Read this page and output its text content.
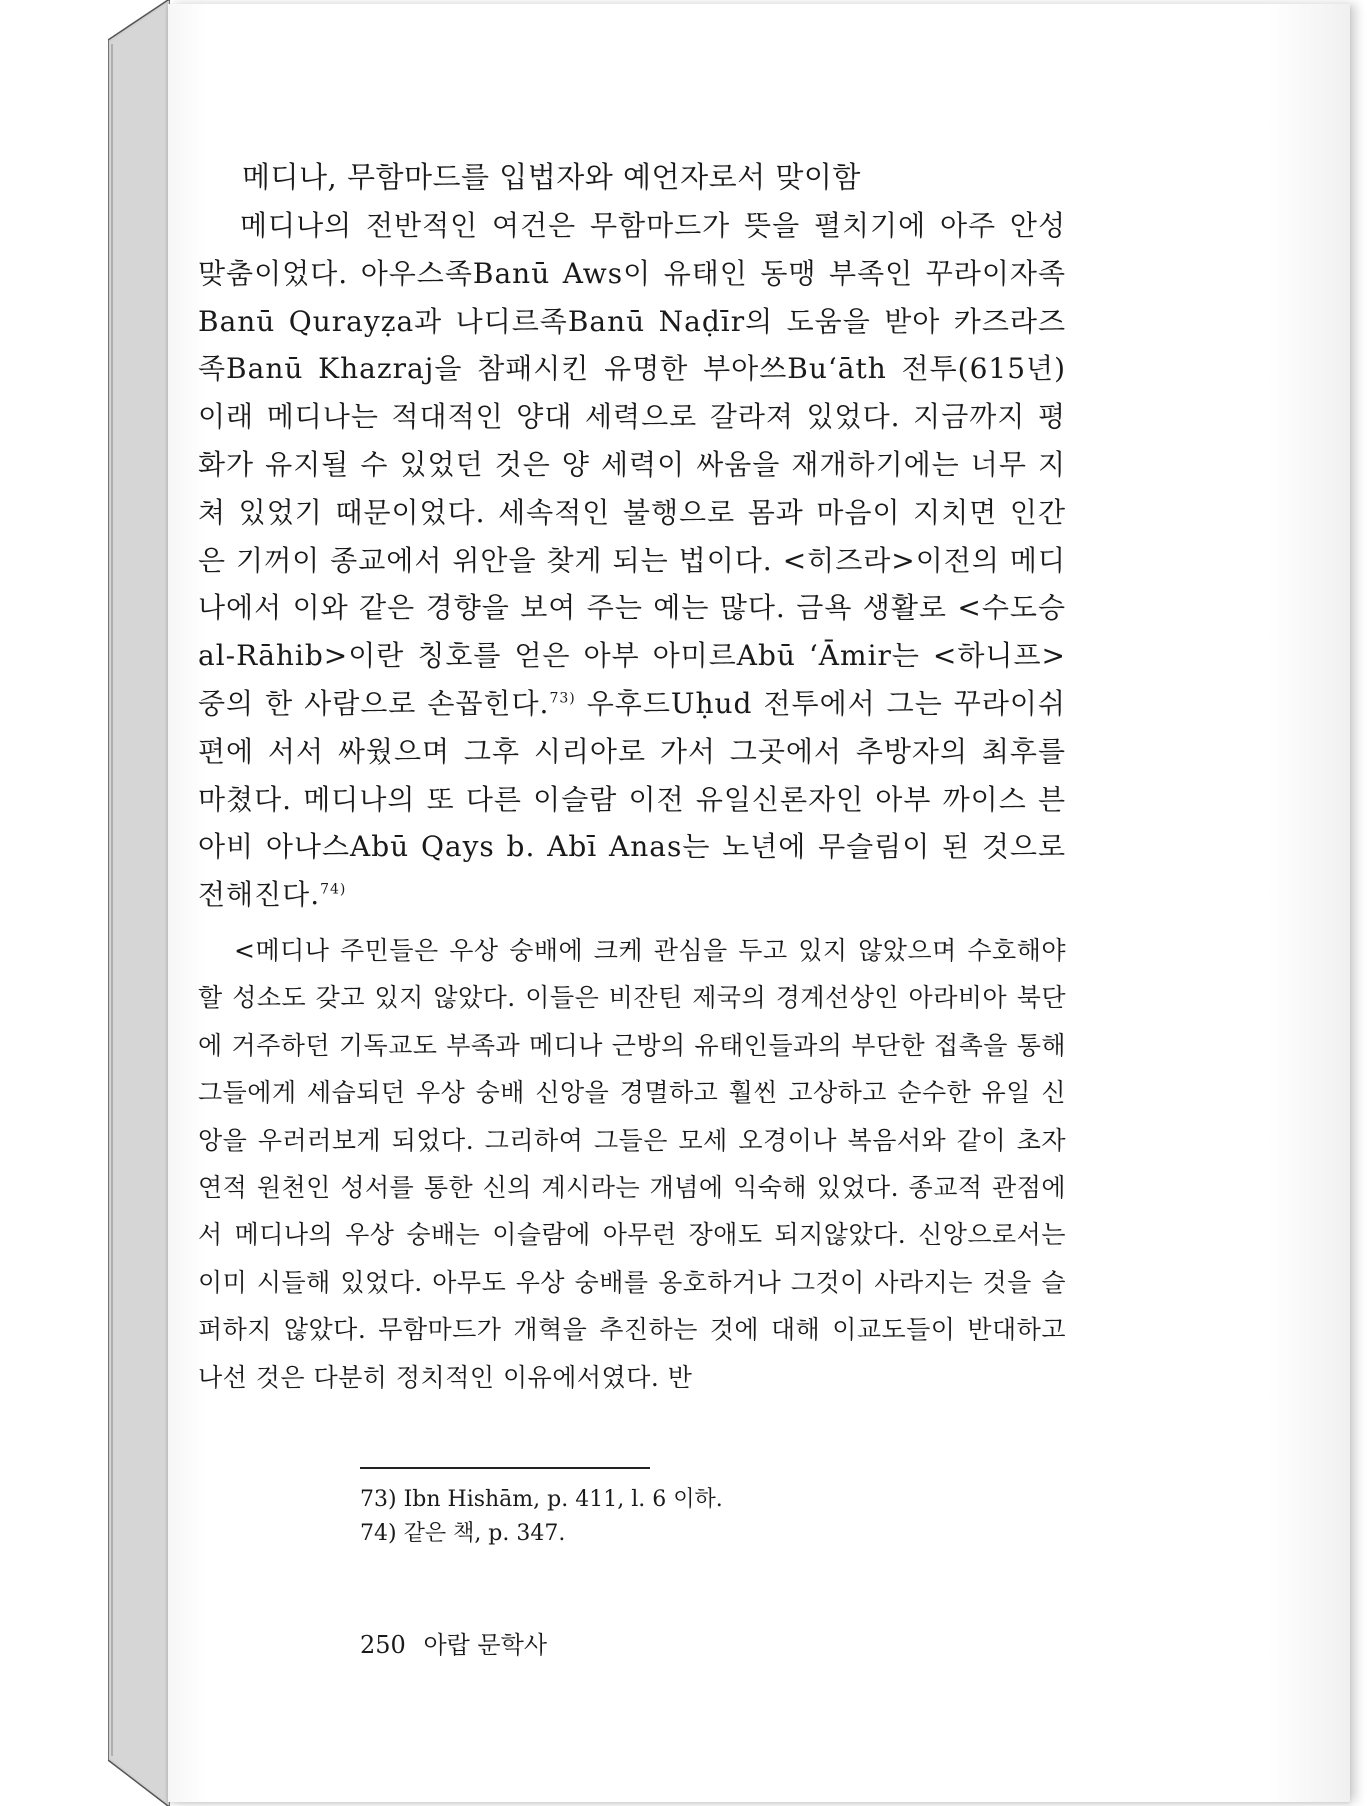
메디나, 무함마드를 입법자와 예언자로서 맞이함

메디나의 전반적인 여건은 무함마드가 뜻을 펼치기에 아주 안성맞춤이었다. 아우스족Banū Aws이 유태인 동맹 부족인 꾸라이자족Banū Qurayẓa과 나디르족Banū Naḍīr의 도움을 받아 카즈라즈족Banū Khazraj을 참패시킨 유명한 부아쓰Bu‘āth 전투(615년)이래 메디나는 적대적인 양대 세력으로 갈라져 있었다. 지금까지 평화가 유지될 수 있었던 것은 양 세력이 싸움을 재개하기에는 너무 지쳐 있었기 때문이었다. 세속적인 불행으로 몸과 마음이 지치면 인간은 기꺼이 종교에서 위안을 찾게 되는 법이다. <히즈라>이전의 메디나에서 이와 같은 경향을 보여 주는 예는 많다. 금욕 생활로 <수도승al-Rāhib>이란 칭호를 얻은 아부 아미르Abū ‘Āmir는 <하니프> 중의 한 사람으로 손꼽힌다.$^{73)}$ 우후드Uḥud 전투에서 그는 꾸라이쉬편에 서서 싸웠으며 그후 시리아로 가서 그곳에서 추방자의 최후를 마쳤다. 메디나의 또 다른 이슬람 이전 유일신론자인 아부 까이스 븐 아비 아나스Abū Qays b. Abī Anas는 노년에 무슬림이 된 것으로 전해진다.$^{74)}$

<메디나 주민들은 우상 숭배에 크케 관심을 두고 있지 않았으며 수호해야 할 성소도 갖고 있지 않았다. 이들은 비잔틴 제국의 경계선상인 아라비아 북단에 거주하던 기독교도 부족과 메디나 근방의 유태인들과의 부단한 접촉을 통해 그들에게 세습되던 우상 숭배 신앙을 경멸하고 훨씬 고상하고 순수한 유일 신앙을 우러러보게 되었다. 그리하여 그들은 모세 오경이나 복음서와 같이 초자연적 원천인 성서를 통한 신의 계시라는 개념에 익숙해 있었다. 종교적 관점에서 메디나의 우상 숭배는 이슬람에 아무런 장애도 되지않았다. 신앙으로서는 이미 시들해 있었다. 아무도 우상 숭배를 옹호하거나 그것이 사라지는 것을 슬퍼하지 않았다. 무함마드가 개혁을 추진하는 것에 대해 이교도들이 반대하고 나선 것은 다분히 정치적인 이유에서였다. 반

73) Ibn Hishām, p. 411, l. 6 이하.
74) 같은 책, p. 347.
250 아랍 문학사
